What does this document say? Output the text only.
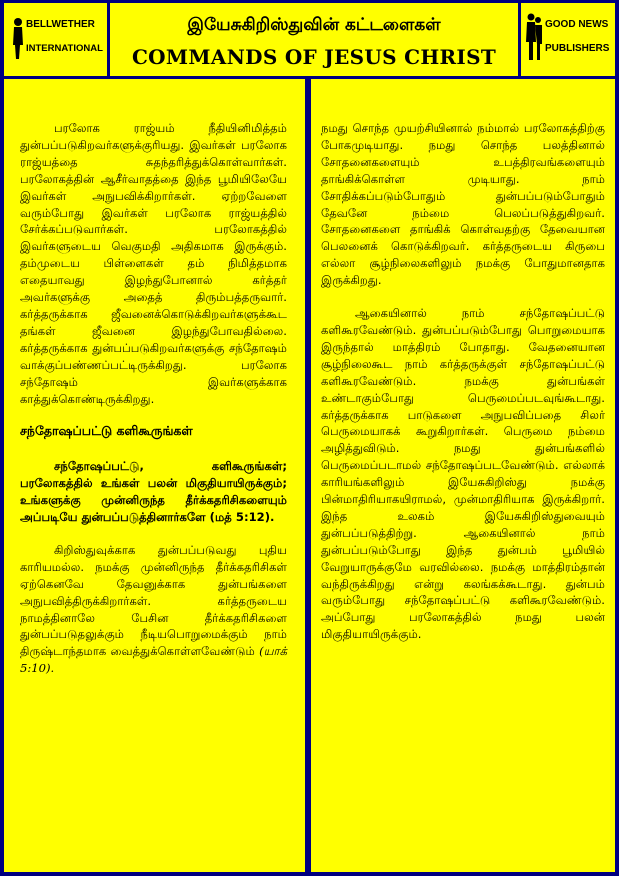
BELLWETHER
INTERNATIONAL
இயேசுகிறிஸ்துவின் கட்டளைகள்
COMMANDS OF JESUS CHRIST
GOOD NEWS
PUBLISHERS

பரலோக ராஜ்யம் நீதியினிமித்தம் துன்பப்படுகிறவர்களுக்குரியது. இவர்கள் பரலோக ராஜ்யத்தை சுதந்தரித்துக்கொள்வார்கள். பரலோகத்தின் ஆசீர்வாதத்தை இந்த பூமியிலேயே இவர்கள் அநுபவிக்கிறார்கள். ஏற்றவேளை வரும்போது இவர்கள் பரலோக ராஜ்யத்தில் சேர்க்கப்படுவார்கள். பரலோகத்தில் இவர்களுடைய வெகுமதி அதிகமாக இருக்கும். தம்முடைய பிள்ளைகள் தம் நிமித்தமாக எதையாவது இழந்துபோனால் கர்த்தர் அவர்களுக்கு அதைத் திரும்பத்தருவார். கர்த்தருக்காக ஜீவனைக்கொடுக்கிறவர்களுக்கூட தங்கள் ஜீவனை இழந்துபோவதில்லை. கர்த்தருக்காக துன்பப்படுகிறவர்களுக்கு சந்தோஷம் வாக்குப்பண்ணப்பட்டிருக்கிறது. பரலோக சந்தோஷம் இவர்களுக்காக காத்துக்கொண்டிருக்கிறது.

சந்தோஷப்பட்டு களிகூருங்கள்

சந்தோஷப்பட்டு, களிகூருங்கள்; பரலோகத்தில் உங்கள் பலன் மிகுதியாயிருக்கும்; உங்களுக்கு முன்னிருந்த தீர்க்கதரிசிகளையும் அப்படியே துன்பப்படுத்தினார்களே (மத் 5:12).

கிறிஸ்துவுக்காக துன்பப்படுவது புதிய காரியமல்ல. நமக்கு முன்னிருந்த தீர்க்கதரிசிகள் ஏற்கெனவே தேவனுக்காக துன்பங்களை அநுபவித்திருக்கிறார்கள். கர்த்தருடைய நாமத்தினாலே பேசின தீர்க்கதரிசிகளை துன்பப்படுதலுக்கும் நீடியபொறுமைக்கும் நாம் திருஷ்டாந்தமாக வைத்துக்கொள்ளவேண்டும் (யாக் 5:10).

நமது சொந்த முயற்சியினால் நம்மால் பரலோகத்திற்கு போகமுடியாது. நமது சொந்த பலத்தினால் சோதனைகளையும் உபத்திரவங்களையும் தாங்கிக்கொள்ள முடியாது. நாம் சோதிக்கப்படும்போதும் துன்பப்படும்போதும் தேவனே நம்மை பெலப்படுத்துகிறவர். சோதனைகளை தாங்கிக் கொள்வதற்கு தேவையான பெலனைக் கொடுக்கிறவர். கர்த்தருடைய கிருபை எல்லா சூழ்நிலைகளிலும் நமக்கு போதுமானதாக இருக்கிறது.

ஆகையினால் நாம் சந்தோஷப்பட்டு களிகூரவேண்டும். துன்பப்படும்போது பொறுமையாக இருந்தால் மாத்திரம் போதாது. வேதனையான சூழ்நிலைகூட நாம் கர்த்தருக்குள் சந்தோஷப்பட்டு களிகூரவேண்டும். நமக்கு துன்பங்கள் உண்டாகும்போது பெருமைப்படவுங்கூடாது. கர்த்தருக்காக பாடுகளை அநுபவிப்பதை சிலர் பெருமையாகக் கூறுகிறார்கள். பெருமை நம்மை அழித்துவிடும். நமது துன்பங்களில் பெருமைப்படாமல் சந்தோஷப்படவேண்டும். எல்லாக் காரியங்களிலும் இயேசுகிறிஸ்து நமக்கு பின்மாதிரியாகயிராமல், முன்மாதிரியாக இருக்கிறார். இந்த உலகம் இயேசுகிறிஸ்துவையும் துன்பப்படுத்திற்று. ஆகையினால் நாம் துன்பப்படும்போது இந்த துன்பம் பூமியில் வேறுயாருக்குமே வரவில்லை. நமக்கு மாத்திரம்தான் வந்திருக்கிறது என்று கலங்கக்கூடாது. துன்பம் வரும்போது சந்தோஷப்பட்டு களிகூரவேண்டும். அப்போது பரலோகத்தில் நமது பலன் மிகுதியாயிருக்கும்.
